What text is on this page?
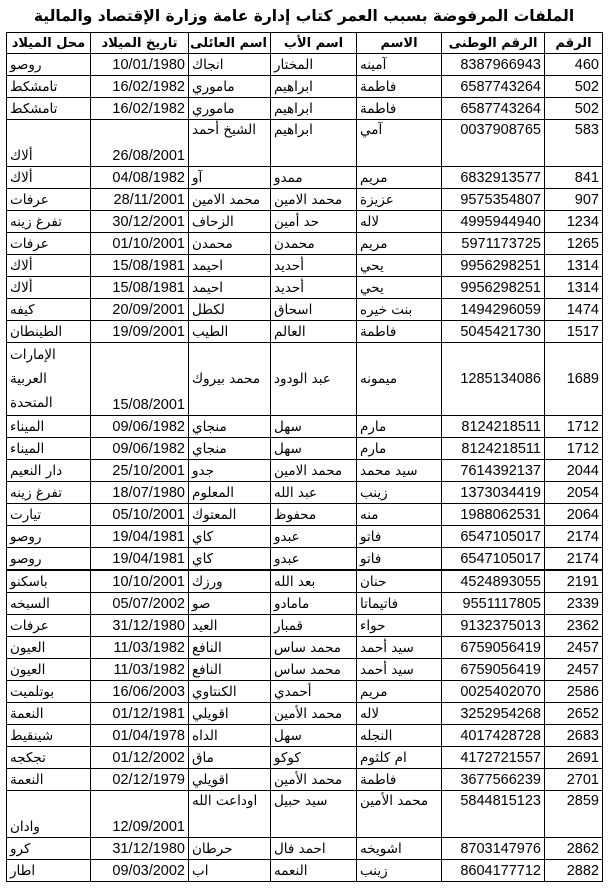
الملفات المرفوضة بسبب العمر كتاب إدارة عامة وزارة الإقتصاد والمالية
الرقم	الرقم الوطنى	الاسم	اسم الأب	اسم العائلى	تاريخ الميلاد	محل الميلاد
460	8387966943	آمينه	المختار	انجاك	10/01/1980	روصو
502	6587743264	فاطمة	ابراهيم	ماموري	16/02/1982	تامشكط
502	6587743264	فاطمة	ابراهيم	ماموري	16/02/1982	تامشكط
583	0037908765	آمي	ابراهيم	الشيخ أحمد	26/08/2001	ألاك
841	6832913577	مريم	ممدو	آو	04/08/1982	ألاك
907	9575354807	عزيزة	محمد الامين	محمد الامين	28/11/2001	عرفات
1234	4995944940	لاله	حد أمين	الزحاف	30/12/2001	تفرغ زينه
1265	5971173725	مريم	محمدن	محمدن	01/10/2001	عرفات
1314	9956298251	يحي	أحديد	احيمد	15/08/1981	ألاك
1314	9956298251	يحي	أحديد	احيمد	15/08/1981	ألاك
1474	1494296059	بنت خيره	اسحاق	لكطل	20/09/2001	كيفه
1517	5045421730	فاطمة	العالم	الطيب	19/09/2001	الطينطان
1689	1285134086	ميمونه	عبد الودود	محمد بيروك	15/08/2001	الإمارات العربية المتحدة
1712	8124218511	مارم	سهل	منجاي	09/06/1982	الميناء
1712	8124218511	مارم	سهل	منجاي	09/06/1982	الميناء
2044	7614392137	سيد محمد	محمد الامين	جدو	25/10/2001	دار النعيم
2054	1373034419	زينب	عبد الله	المعلوم	18/07/1980	تفرغ زينه
2064	1988062531	منه	محفوظ	المعتوك	05/10/2001	تيارت
2174	6547105017	فاتو	عبدو	كاي	19/04/1981	روصو
2174	6547105017	فاتو	عبدو	كاي	19/04/1981	روصو
2191	4524893055	حنان	بعد الله	ورزك	10/10/2001	باسكنو
2339	9551117805	فاتيماتا	مامادو	صو	05/07/2002	السبخه
2362	9132375013	حواء	قمبار	العيد	31/12/1980	عرفات
2457	6759056419	سيد أحمد	محمد ساس	النافع	11/03/1982	العيون
2457	6759056419	سيد أحمد	محمد ساس	النافع	11/03/1982	العيون
2586	0025402070	مريم	أحمدي	الكنتاوي	16/06/2003	بوتلميت
2652	3252954268	لاله	محمد الأمين	اقويلي	01/12/1981	النعمة
2683	4017428728	النجله	سهل	الداه	01/04/1978	شينقيط
2691	4172721557	ام كلثوم	كوكو	ماق	01/12/2002	تجكجه
2701	3677566239	فاطمة	محمد الأمين	اقويلي	02/12/1979	النعمة
2859	5844815123	محمد الأمين	سيد حبيل	اوداعت الله	12/09/2001	وادان
2862	8703147976	اشويخه	احمد فال	حرطان	31/12/1980	كرو
2882	8604177712	زينب	النعمه	اب	09/03/2002	اطار
